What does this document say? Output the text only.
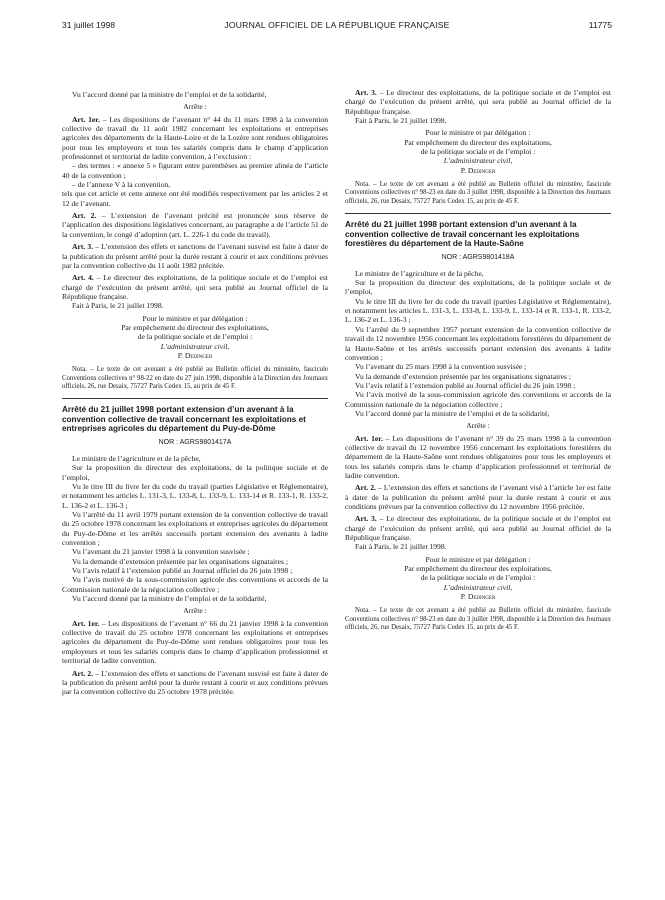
31 juillet 1998	JOURNAL OFFICIEL DE LA RÉPUBLIQUE FRANÇAISE	11775

Vu l’accord donné par la ministre de l’emploi et de la solidarité,

Arrête :

Art. 1er. – Les dispositions de l’avenant n° 44 du 11 mars 1998 à la convention collective de travail du 11 août 1982 concernant les exploitations et entreprises agricoles des départements de la Haute-Loire et de la Lozère sont rendues obligatoires pour tous les employeurs et tous les salariés compris dans le champ d’application professionnel et territorial de ladite convention, à l’exclusion :

– des termes : « annexe 5 » figurant entre parenthèses au premier alinéa de l’article 40 de la convention ;

– de l’annexe V à la convention,

tels que cet article et cette annexe ont été modifiés respectivement par les articles 2 et 12 de l’avenant.

Art. 2. – L’extension de l’avenant précité est prononcée sous réserve de l’application des dispositions législatives concernant, au paragraphe a de l’article 51 de la convention, le congé d’adoption (art. L. 226-1 du code du travail).

Art. 3. – L’extension des effets et sanctions de l’avenant susvisé est faite à dater de la publication du présent arrêté pour la durée restant à courir et aux conditions prévues par la convention collective du 11 août 1982 précitée.

Art. 4. – Le directeur des exploitations, de la politique sociale et de l’emploi est chargé de l’exécution du présent arrêté, qui sera publié au Journal officiel de la République française.

Fait à Paris, le 21 juillet 1998.

Pour le ministre et par délégation :
Par empêchement du directeur des exploitations,
de la politique sociale et de l’emploi :
L’administrateur civil,
P. Dedinger

Nota. – Le texte de cet avenant a été publié au Bulletin officiel du ministère, fascicule Conventions collectives n° 98-22 en date du 27 juin 1998, disponible à la Direction des Journaux officiels, 26, rue Desaix, 75727 Paris Cedex 15, au prix de 45 F.

Arrêté du 21 juillet 1998 portant extension d’un avenant à la convention collective de travail concernant les exploitations et entreprises agricoles du département du Puy-de-Dôme

NOR : AGRS9801417A

Le ministre de l’agriculture et de la pêche,

Sur la proposition du directeur des exploitations, de la politique sociale et de l’emploi,

Vu le titre III du livre Ier du code du travail (parties Législative et Réglementaire), et notamment les articles L. 131-3, L. 133-8, L. 133-9, L. 133-14 et R. 133-1, R. 133-2, L. 136-2 et L. 136-3 ;

Vu l’arrêté du 11 avril 1979 portant extension de la convention collective de travail du 25 octobre 1978 concernant les exploitations et entreprises agricoles du département du Puy-de-Dôme et les arrêtés successifs portant extension des avenants à ladite convention ;

Vu l’avenant du 21 janvier 1998 à la convention susvisée ;

Vu la demande d’extension présentée par les organisations signataires ;

Vu l’avis relatif à l’extension publié au Journal officiel du 26 juin 1998 ;

Vu l’avis motivé de la sous-commission agricole des conventions et accords de la Commission nationale de la négociation collective ;

Vu l’accord donné par la ministre de l’emploi et de la solidarité,

Arrête :

Art. 1er. – Les dispositions de l’avenant n° 66 du 21 janvier 1998 à la convention collective de travail du 25 octobre 1978 concernant les exploitations et entreprises agricoles du département du Puy-de-Dôme sont rendues obligatoires pour tous les employeurs et tous les salariés compris dans le champ d’application professionnel et territorial de ladite convention.

Art. 2. – L’extension des effets et sanctions de l’avenant susvisé est faite à dater de la publication du présent arrêté pour la durée restant à courir et aux conditions prévues par la convention collective du 25 octobre 1978 précitée.

Art. 3. – Le directeur des exploitations, de la politique sociale et de l’emploi est chargé de l’exécution du présent arrêté, qui sera publié au Journal officiel de la République française.

Fait à Paris, le 21 juillet 1998.

Pour le ministre et par délégation :
Par empêchement du directeur des exploitations,
de la politique sociale et de l’emploi :
L’administrateur civil,
P. Dedinger

Nota. – Le texte de cet avenant a été publié au Bulletin officiel du ministère, fascicule Conventions collectives n° 98-23 en date du 3 juillet 1998, disponible à la Direction des Journaux officiels, 26, rue Desaix, 75727 Paris Cedex 15, au prix de 45 F.

Arrêté du 21 juillet 1998 portant extension d’un avenant à la convention collective de travail concernant les exploitations forestières du département de la Haute-Saône

NOR : AGRS9801418A

Le ministre de l’agriculture et de la pêche,

Sur la proposition du directeur des exploitations, de la politique sociale et de l’emploi,

Vu le titre III du livre Ier du code du travail (parties Législative et Réglementaire), et notamment les articles L. 131-3, L. 133-8, L. 133-9, L. 133-14 et R. 133-1, R. 133-2, L. 136-2 et L. 136-3 ;

Vu l’arrêté du 9 septembre 1957 portant extension de la convention collective de travail du 12 novembre 1956 concernant les exploitations forestières du département de la Haute-Saône et les arrêtés successifs portant extension des avenants à ladite convention ;

Vu l’avenant du 25 mars 1998 à la convention susvisée ;

Vu la demande d’extension présentée par les organisations signataires ;

Vu l’avis relatif à l’extension publié au Journal officiel du 26 juin 1998 ;

Vu l’avis motivé de la sous-commission agricole des conventions et accords de la Commission nationale de la négociation collective ;

Vu l’accord donné par la ministre de l’emploi et de la solidarité,

Arrête :

Art. 1er. – Les dispositions de l’avenant n° 39 du 25 mars 1998 à la convention collective de travail du 12 novembre 1956 concernant les exploitations forestières du département de la Haute-Saône sont rendues obligatoires pour tous les employeurs et tous les salariés compris dans le champ d’application professionnel et territorial de ladite convention.

Art. 2. – L’extension des effets et sanctions de l’avenant visé à l’article 1er est faite à dater de la publication du présent arrêté pour la durée restant à courir et aux conditions prévues par la convention collective du 12 novembre 1956 précitée.

Art. 3. – Le directeur des exploitations, de la politique sociale et de l’emploi est chargé de l’exécution du présent arrêté, qui sera publié au Journal officiel de la République française.

Fait à Paris, le 21 juillet 1998.

Pour le ministre et par délégation :
Par empêchement du directeur des exploitations,
de la politique sociale et de l’emploi :
L’administrateur civil,
P. Dedinger

Nota. – Le texte de cet avenant a été publié au Bulletin officiel du ministère, fascicule Conventions collectives n° 98-23 en date du 3 juillet 1998, disponible à la Direction des Journaux officiels, 26, rue Desaix, 75727 Paris Cedex 15, au prix de 45 F.
